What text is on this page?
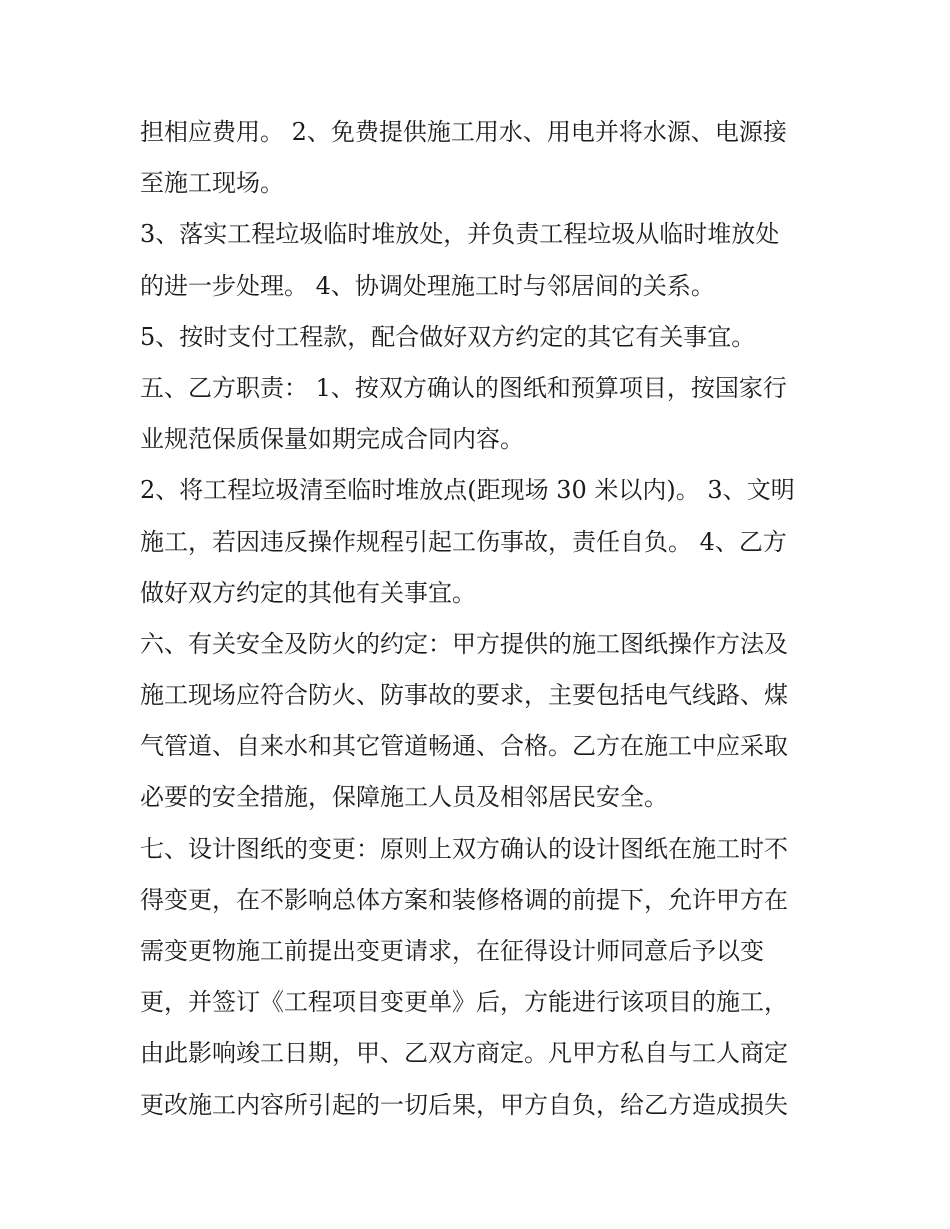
担相应费用。 2、免费提供施工用水、用电并将水源、电源接
至施工现场。
3、落实工程垃圾临时堆放处，并负责工程垃圾从临时堆放处
的进一步处理。 4、协调处理施工时与邻居间的关系。
5、按时支付工程款，配合做好双方约定的其它有关事宜。
五、乙方职责： 1、按双方确认的图纸和预算项目，按国家行
业规范保质保量如期完成合同内容。
2、将工程垃圾清至临时堆放点(距现场 30 米以内)。 3、文明
施工，若因违反操作规程引起工伤事故，责任自负。 4、乙方
做好双方约定的其他有关事宜。
六、有关安全及防火的约定：甲方提供的施工图纸操作方法及
施工现场应符合防火、防事故的要求，主要包括电气线路、煤
气管道、自来水和其它管道畅通、合格。乙方在施工中应采取
必要的安全措施，保障施工人员及相邻居民安全。
七、设计图纸的变更：原则上双方确认的设计图纸在施工时不
得变更，在不影响总体方案和装修格调的前提下，允许甲方在
需变更物施工前提出变更请求，在征得设计师同意后予以变
更，并签订《工程项目变更单》后，方能进行该项目的施工，
由此影响竣工日期，甲、乙双方商定。凡甲方私自与工人商定
更改施工内容所引起的一切后果，甲方自负，给乙方造成损失
